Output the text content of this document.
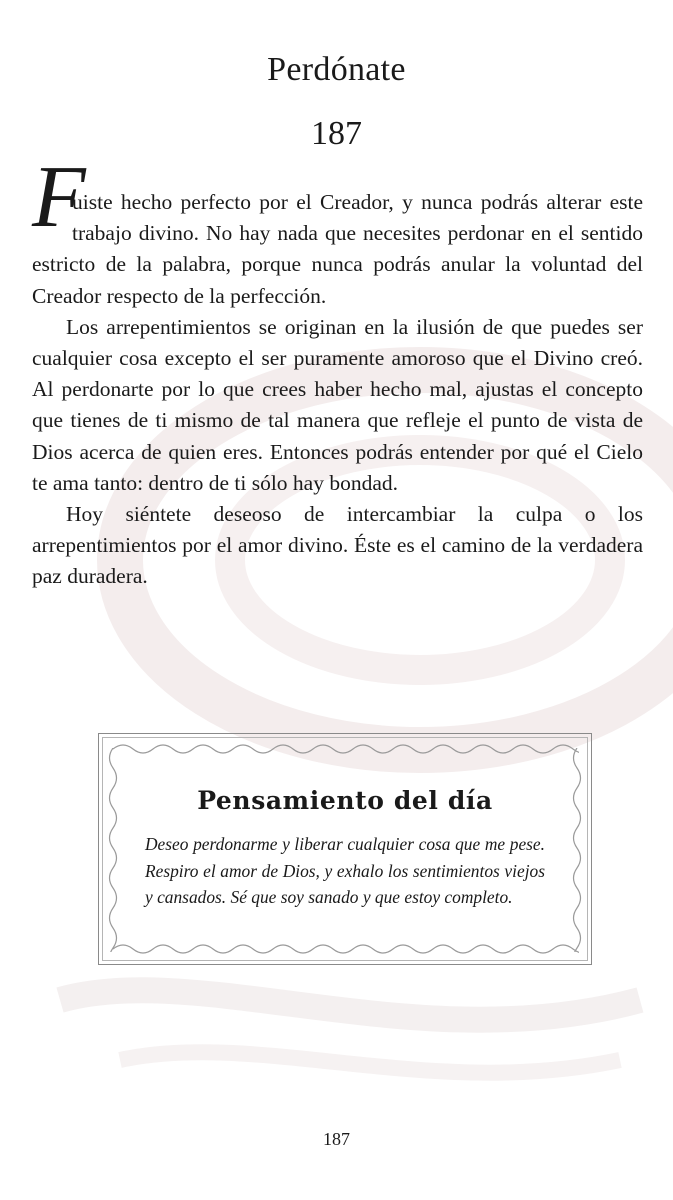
Perdónate
187

F
uiste hecho perfecto por el Creador, y nunca podrás alterar este trabajo divino. No hay nada que necesites perdonar en el sentido estricto de la palabra, porque nunca podrás anular la voluntad del Creador respecto de la perfección.

Los arrepentimientos se originan en la ilusión de que puedes ser cualquier cosa excepto el ser puramente amoroso que el Divino creó. Al perdonarte por lo que crees haber hecho mal, ajustas el concepto que tienes de ti mismo de tal manera que refleje el punto de vista de Dios acerca de quien eres. Entonces podrás entender por qué el Cielo te ama tanto: dentro de ti sólo hay bondad.

Hoy siéntete deseoso de intercambiar la culpa o los arrepentimientos por el amor divino. Éste es el camino de la verdadera paz duradera.

Pensamiento del día
Deseo perdonarme y liberar cualquier cosa que me pese. Respiro el amor de Dios, y exhalo los sentimientos viejos y cansados. Sé que soy sanado y que estoy completo.
187
